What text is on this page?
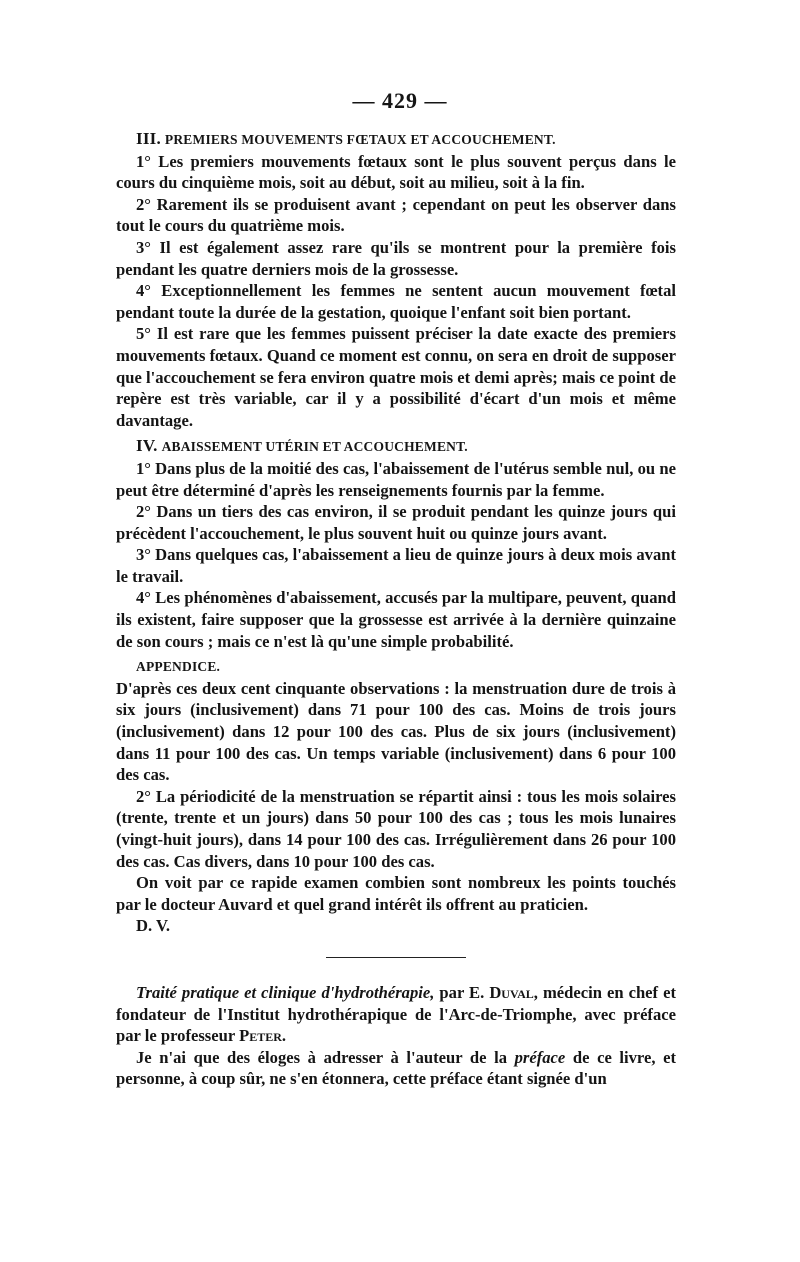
— 429 —

III. PREMIERS MOUVEMENTS FŒTAUX ET ACCOUCHEMENT.

1° Les premiers mouvements fœtaux sont le plus souvent perçus dans le cours du cinquième mois, soit au début, soit au milieu, soit à la fin.

2° Rarement ils se produisent avant ; cependant on peut les observer dans tout le cours du quatrième mois.

3° Il est également assez rare qu'ils se montrent pour la première fois pendant les quatre derniers mois de la grossesse.

4° Exceptionnellement les femmes ne sentent aucun mouvement fœtal pendant toute la durée de la gestation, quoique l'enfant soit bien portant.

5° Il est rare que les femmes puissent préciser la date exacte des premiers mouvements fœtaux. Quand ce moment est connu, on sera en droit de supposer que l'accouchement se fera environ quatre mois et demi après; mais ce point de repère est très variable, car il y a possibilité d'écart d'un mois et même davantage.

IV. ABAISSEMENT UTÉRIN ET ACCOUCHEMENT.

1° Dans plus de la moitié des cas, l'abaissement de l'utérus semble nul, ou ne peut être déterminé d'après les renseignements fournis par la femme.

2° Dans un tiers des cas environ, il se produit pendant les quinze jours qui précèdent l'accouchement, le plus souvent huit ou quinze jours avant.

3° Dans quelques cas, l'abaissement a lieu de quinze jours à deux mois avant le travail.

4° Les phénomènes d'abaissement, accusés par la multipare, peuvent, quand ils existent, faire supposer que la grossesse est arrivée à la dernière quinzaine de son cours ; mais ce n'est là qu'une simple probabilité.

APPENDICE.

D'après ces deux cent cinquante observations : la menstruation dure de trois à six jours (inclusivement) dans 71 pour 100 des cas. Moins de trois jours (inclusivement) dans 12 pour 100 des cas. Plus de six jours (inclusivement) dans 11 pour 100 des cas. Un temps variable (inclusivement) dans 6 pour 100 des cas.

2° La périodicité de la menstruation se répartit ainsi : tous les mois solaires (trente, trente et un jours) dans 50 pour 100 des cas ; tous les mois lunaires (vingt-huit jours), dans 14 pour 100 des cas. Irrégulièrement dans 26 pour 100 des cas. Cas divers, dans 10 pour 100 des cas.

On voit par ce rapide examen combien sont nombreux les points touchés par le docteur Auvard et quel grand intérêt ils offrent au praticien.

D. V.

Traité pratique et clinique d'hydrothérapie, par E. Duval, médecin en chef et fondateur de l'Institut hydrothérapique de l'Arc-de-Triomphe, avec préface par le professeur Peter.

Je n'ai que des éloges à adresser à l'auteur de la préface de ce livre, et personne, à coup sûr, ne s'en étonnera, cette préface étant signée d'un
